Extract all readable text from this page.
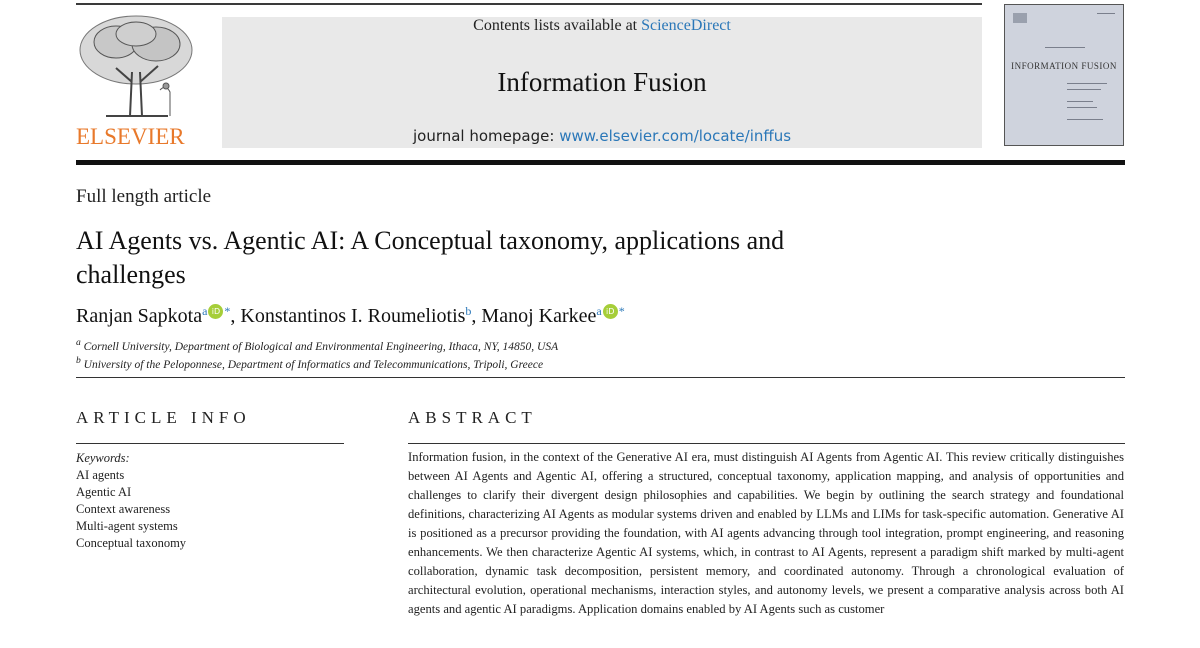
ELSEVIER
Contents lists available at ScienceDirect
Information Fusion
journal homepage: www.elsevier.com/locate/inffus
INFORMATION FUSION
Full length article
AI Agents vs. Agentic AI: A Conceptual taxonomy, applications and challenges
Ranjan Sapkota$^a$ iD *, Konstantinos I. Roumeliotis$^b$, Manoj Karkee$^a$ iD *
$^a$ Cornell University, Department of Biological and Environmental Engineering, Ithaca, NY, 14850, USA
$^b$ University of the Peloponnese, Department of Informatics and Telecommunications, Tripoli, Greece
ARTICLE INFO
Keywords:
AI agents
Agentic AI
Context awareness
Multi-agent systems
Conceptual taxonomy
ABSTRACT
Information fusion, in the context of the Generative AI era, must distinguish AI Agents from Agentic AI. This review critically distinguishes between AI Agents and Agentic AI, offering a structured, conceptual taxonomy, application mapping, and analysis of opportunities and challenges to clarify their divergent design philosophies and capabilities. We begin by outlining the search strategy and foundational definitions, characterizing AI Agents as modular systems driven and enabled by LLMs and LIMs for task-specific automation. Generative AI is positioned as a precursor providing the foundation, with AI agents advancing through tool integration, prompt engineering, and reasoning enhancements. We then characterize Agentic AI systems, which, in contrast to AI Agents, represent a paradigm shift marked by multi-agent collaboration, dynamic task decomposition, persistent memory, and coordinated autonomy. Through a chronological evaluation of architectural evolution, operational mechanisms, interaction styles, and autonomy levels, we present a comparative analysis across both AI agents and agentic AI paradigms. Application domains enabled by AI Agents such as customer
